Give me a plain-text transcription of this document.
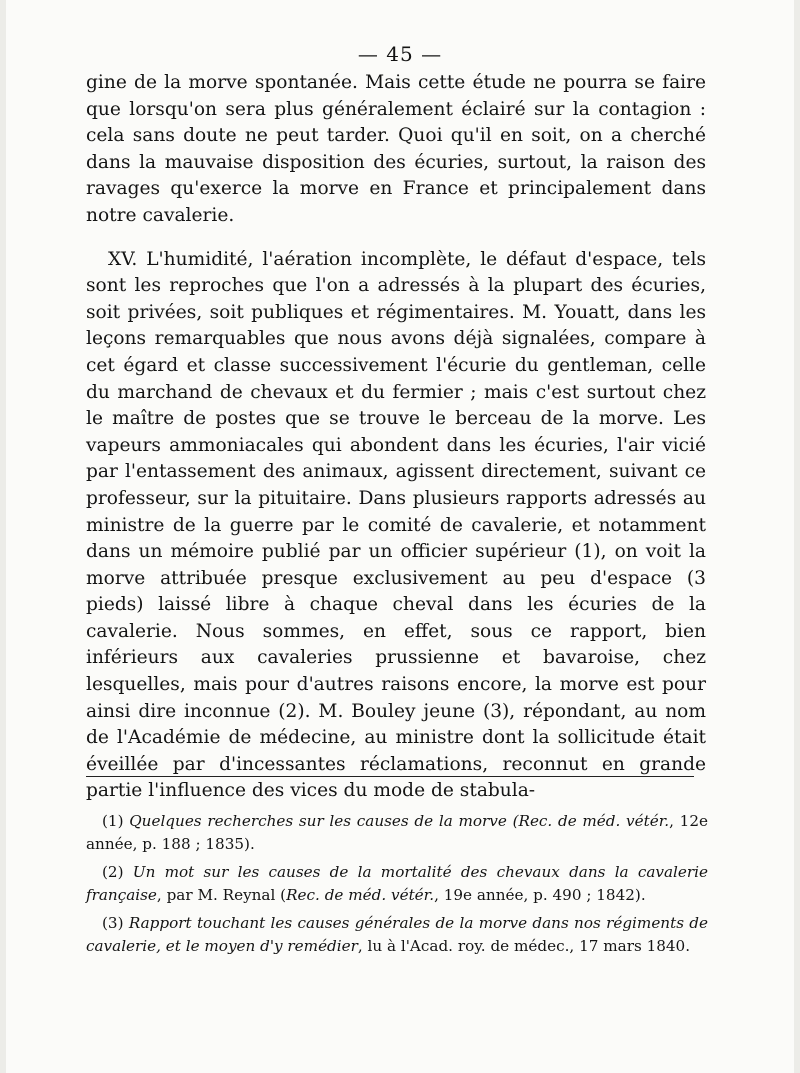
— 45 —

gine de la morve spontanée. Mais cette étude ne pourra se faire que lorsqu'on sera plus généralement éclairé sur la contagion : cela sans doute ne peut tarder. Quoi qu'il en soit, on a cherché dans la mauvaise disposition des écuries, surtout, la raison des ravages qu'exerce la morve en France et principalement dans notre cavalerie.

XV. L'humidité, l'aération incomplète, le défaut d'espace, tels sont les reproches que l'on a adressés à la plupart des écuries, soit privées, soit publiques et régimentaires. M. Youatt, dans les leçons remarquables que nous avons déjà signalées, compare à cet égard et classe successivement l'écurie du gentleman, celle du marchand de chevaux et du fermier ; mais c'est surtout chez le maître de postes que se trouve le berceau de la morve. Les vapeurs ammoniacales qui abondent dans les écuries, l'air vicié par l'entassement des animaux, agissent directement, suivant ce professeur, sur la pituitaire. Dans plusieurs rapports adressés au ministre de la guerre par le comité de cavalerie, et notamment dans un mémoire publié par un officier supérieur (1), on voit la morve attribuée presque exclusivement au peu d'espace (3 pieds) laissé libre à chaque cheval dans les écuries de la cavalerie. Nous sommes, en effet, sous ce rapport, bien inférieurs aux cavaleries prussienne et bavaroise, chez lesquelles, mais pour d'autres raisons encore, la morve est pour ainsi dire inconnue (2). M. Bouley jeune (3), répondant, au nom de l'Académie de médecine, au ministre dont la sollicitude était éveillée par d'incessantes réclamations, reconnut en grande partie l'influence des vices du mode de stabula-

(1) Quelques recherches sur les causes de la morve (Rec. de méd. vétér., 12e année, p. 188 ; 1835).

(2) Un mot sur les causes de la mortalité des chevaux dans la cavalerie française, par M. Reynal (Rec. de méd. vétér., 19e année, p. 490 ; 1842).

(3) Rapport touchant les causes générales de la morve dans nos régiments de cavalerie, et le moyen d'y remédier, lu à l'Acad. roy. de médec., 17 mars 1840.
